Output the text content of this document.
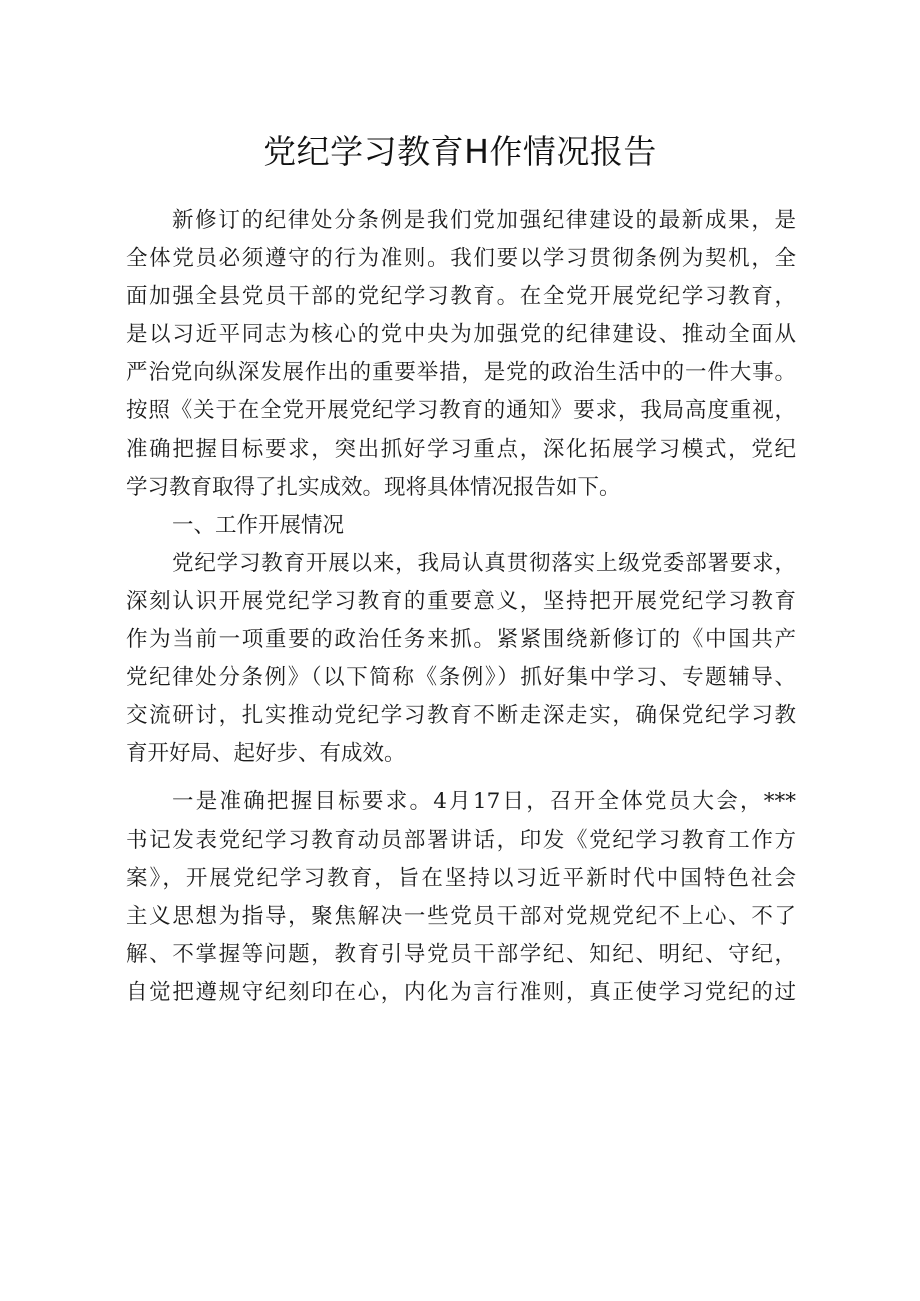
党纪学习教育H作情况报告
新修订的纪律处分条例是我们党加强纪律建设的最新成果，是
全体党员必须遵守的行为准则。我们要以学习贯彻条例为契机，全
面加强全县党员干部的党纪学习教育。在全党开展党纪学习教育，
是以习近平同志为核心的党中央为加强党的纪律建设、推动全面从
严治党向纵深发展作出的重要举措，是党的政治生活中的一件大事。
按照《关于在全党开展党纪学习教育的通知》要求，我局高度重视，
准确把握目标要求，突出抓好学习重点，深化拓展学习模式，党纪
学习教育取得了扎实成效。现将具体情况报告如下。
一、工作开展情况
党纪学习教育开展以来，我局认真贯彻落实上级党委部署要求，
深刻认识开展党纪学习教育的重要意义，坚持把开展党纪学习教育
作为当前一项重要的政治任务来抓。紧紧围绕新修订的《中国共产
党纪律处分条例》（以下简称《条例》）抓好集中学习、专题辅导、
交流研讨，扎实推动党纪学习教育不断走深走实，确保党纪学习教
育开好局、起好步、有成效。
一是准确把握目标要求。4月17日，召开全体党员大会，***
书记发表党纪学习教育动员部署讲话，印发《党纪学习教育工作方
案》，开展党纪学习教育，旨在坚持以习近平新时代中国特色社会
主义思想为指导，聚焦解决一些党员干部对党规党纪不上心、不了
解、不掌握等问题，教育引导党员干部学纪、知纪、明纪、守纪，
自觉把遵规守纪刻印在心，内化为言行准则，真正使学习党纪的过
